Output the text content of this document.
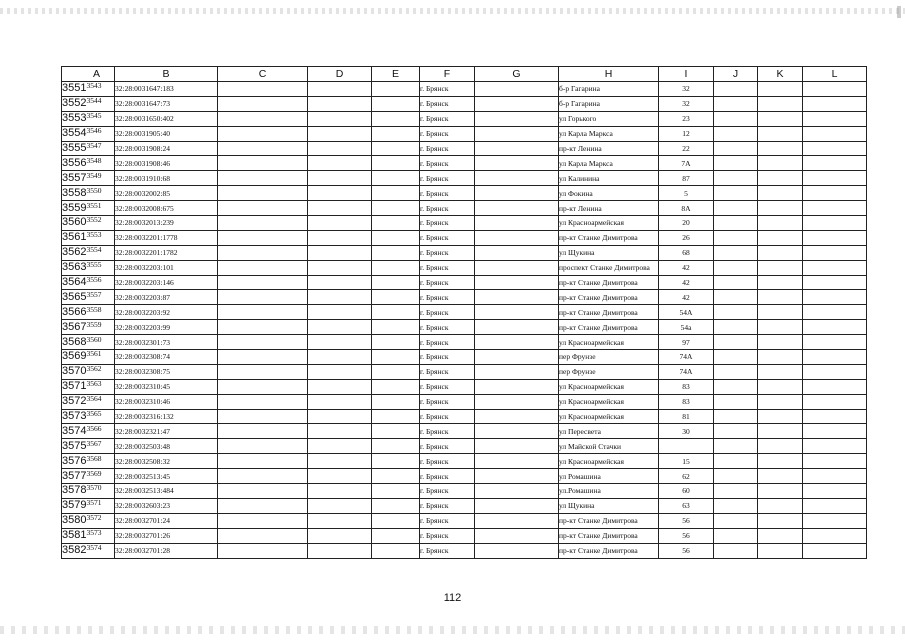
A	B	C	D	E	F	G	H	I	J	K	L
$3551^{3543}$	32:28:0031647:183				г. Брянск		б-р Гагарина	32			
$3552^{3544}$	32:28:0031647:73				г. Брянск		б-р Гагарина	32			
$3553^{3545}$	32:28:0031650:402				г. Брянск		ул Горького	23			
$3554^{3546}$	32:28:0031905:40				г. Брянск		ул Карла Маркса	12			
$3555^{3547}$	32:28:0031908:24				г. Брянск		пр-кт Ленина	22			
$3556^{3548}$	32:28:0031908:46				г. Брянск		ул Карла Маркса	7А			
$3557^{3549}$	32:28:0031910:68				г. Брянск		ул Калинина	87			
$3558^{3550}$	32:28:0032002:85				г. Брянск		ул Фокина	5			
$3559^{3551}$	32:28:0032008:675				г. Брянск		пр-кт Ленина	8А			
$3560^{3552}$	32:28:0032013:239				г. Брянск		ул Красноармейская	20			
$3561^{3553}$	32:28:0032201:1778				г. Брянск		пр-кт Станке Димитрова	26			
$3562^{3554}$	32:28:0032201:1782				г. Брянск		ул Щукина	68			
$3563^{3555}$	32:28:0032203:101				г. Брянск		проспект Станке Димитрова	42			
$3564^{3556}$	32:28:0032203:146				г. Брянск		пр-кт Станке Димитрова	42			
$3565^{3557}$	32:28:0032203:87				г. Брянск		пр-кт Станке Димитрова	42			
$3566^{3558}$	32:28:0032203:92				г. Брянск		пр-кт Станке Димитрова	54А			
$3567^{3559}$	32:28:0032203:99				г. Брянск		пр-кт Станке Димитрова	54а			
$3568^{3560}$	32:28:0032301:73				г. Брянск		ул Красноармейская	97			
$3569^{3561}$	32:28:0032308:74				г. Брянск		пер Фрунзе	74А			
$3570^{3562}$	32:28:0032308:75				г. Брянск		пер Фрунзе	74А			
$3571^{3563}$	32:28:0032310:45				г. Брянск		ул Красноармейская	83			
$3572^{3564}$	32:28:0032310:46				г. Брянск		ул Красноармейская	83			
$3573^{3565}$	32:28:0032316:132				г. Брянск		ул Красноармейская	81			
$3574^{3566}$	32:28:0032321:47				г. Брянск		ул Пересвета	30			
$3575^{3567}$	32:28:0032503:48				г. Брянск		ул Майской Стачки				
$3576^{3568}$	32:28:0032508:32				г. Брянск		ул Красноармейская	15			
$3577^{3569}$	32:28:0032513:45				г. Брянск		ул Ромашина	62			
$3578^{3570}$	32:28:0032513:484				г. Брянск		ул.Ромашина	60			
$3579^{3571}$	32:28:0032603:23				г. Брянск		ул Щукина	63			
$3580^{3572}$	32:28:0032701:24				г. Брянск		пр-кт Станке Димитрова	56			
$3581^{3573}$	32:28:0032701:26				г. Брянск		пр-кт Станке Димитрова	56			
$3582^{3574}$	32:28:0032701:28				г. Брянск		пр-кт Станке Димитрова	56			
112
